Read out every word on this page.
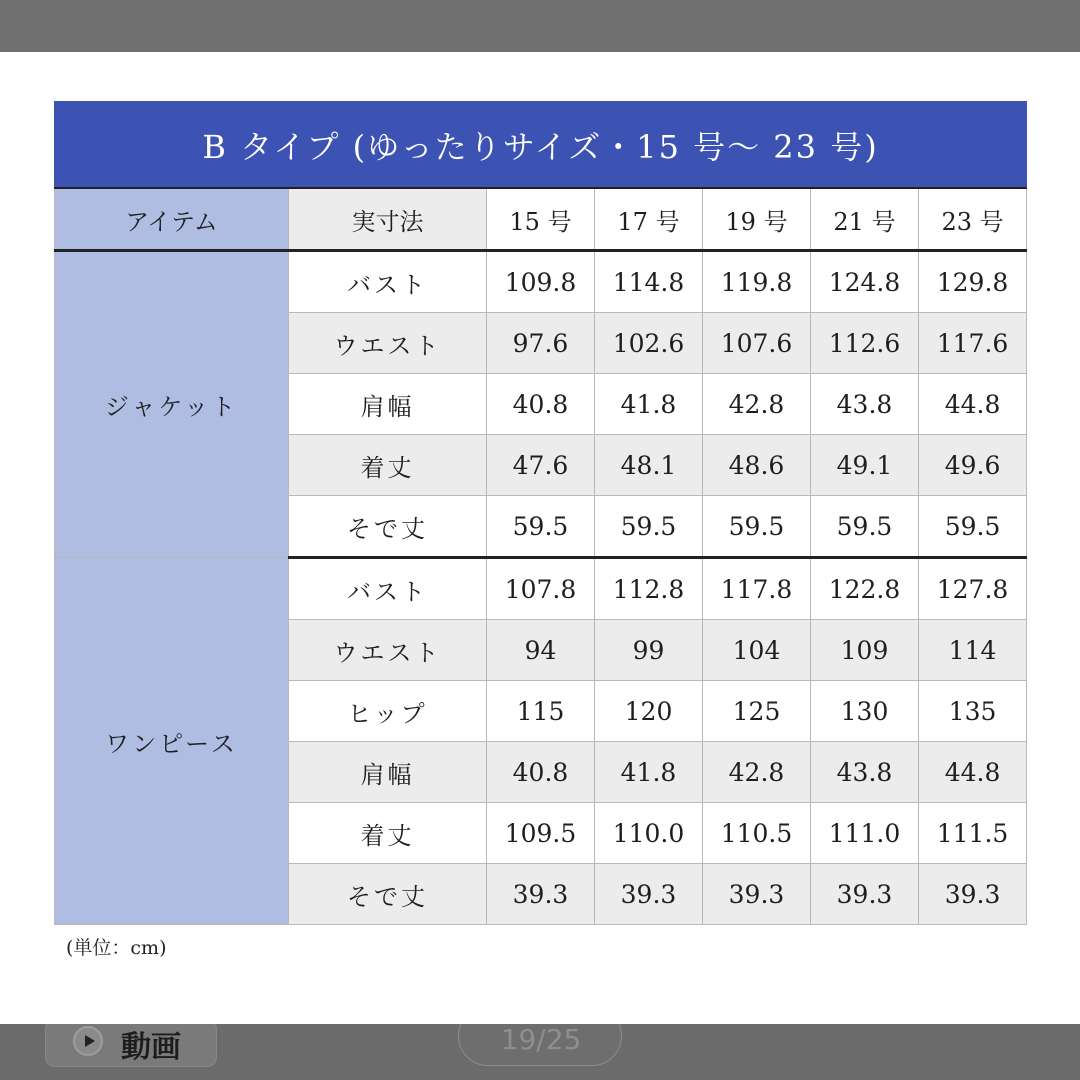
B タイプ (ゆったりサイズ・15 号〜 23 号)						
アイテム	実寸法	15 号	17 号	19 号	21 号	23 号
ジャケット	バスト	109.8	114.8	119.8	124.8	129.8
	ウエスト	97.6	102.6	107.6	112.6	117.6
	肩幅	40.8	41.8	42.8	43.8	44.8
	着丈	47.6	48.1	48.6	49.1	49.6
	そで丈	59.5	59.5	59.5	59.5	59.5
ワンピース	バスト	107.8	112.8	117.8	122.8	127.8
	ウエスト	94	99	104	109	114
	ヒップ	115	120	125	130	135
	肩幅	40.8	41.8	42.8	43.8	44.8
	着丈	109.5	110.0	110.5	111.0	111.5
	そで丈	39.3	39.3	39.3	39.3	39.3
(単位：cm)
動画	19/25
